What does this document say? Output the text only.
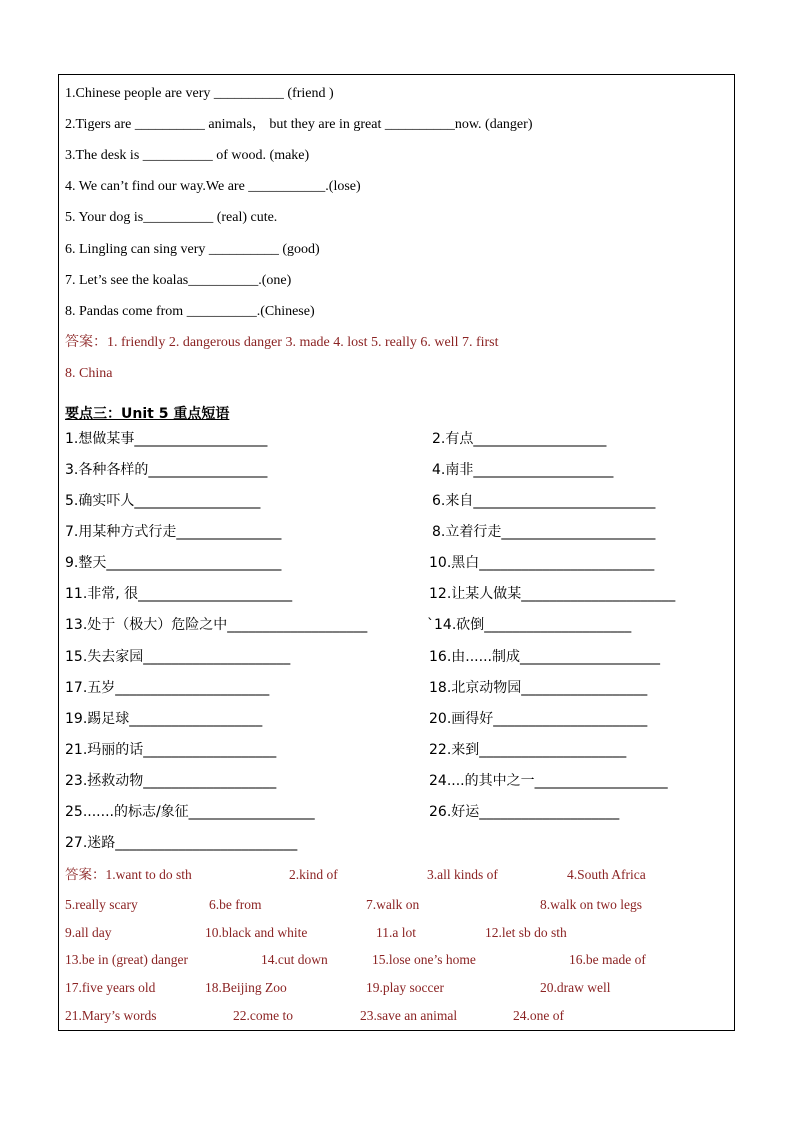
1.Chinese people are very __________ (friend )
2.Tigers are __________ animals， but they are in great __________now. (danger)
3.The desk is __________ of wood. (make)
4. We can’t find our way.We are ___________.(lose)
5. Your dog is__________ (real) cute.
6. Lingling can sing very __________ (good)
7. Let’s see the koalas__________.(one)
8. Pandas come from __________.(Chinese)
答案：1. friendly 2. dangerous danger 3. made 4. lost 5. really 6. well 7. first
8. China
要点三：Unit 5 重点短语
1.想做某事___________________	2.有点___________________
3.各种各样的_________________	4.南非____________________
5.确实吓人__________________	6.来自__________________________
7.用某种方式行走_______________	8.立着行走______________________
9.整天_________________________	10.黑白_________________________
11.非常, 很______________________	12.让某人做某______________________
13.处于（极大）危险之中____________________	`14.砍倒_____________________
15.失去家园_____________________	16.由......制成____________________
17.五岁______________________	18.北京动物园__________________
19.踢足球___________________	20.画得好______________________
21.玛丽的话___________________	22.来到_____________________
23.拯救动物___________________	24....的其中之一___________________
25.......的标志/象征__________________	26.好运____________________
27.迷路__________________________
答案：1.want to do sth	2.kind of	3.all kinds of	4.South Africa
5.really scary	6.be from	7.walk on	8.walk on two legs
9.all day	10.black and white	11.a lot	12.let sb do sth
13.be in (great) danger	14.cut down	15.lose one’s home	16.be made of
17.five years old	18.Beijing Zoo	19.play soccer	20.draw well
21.Mary’s words	22.come to	23.save an animal	24.one of
